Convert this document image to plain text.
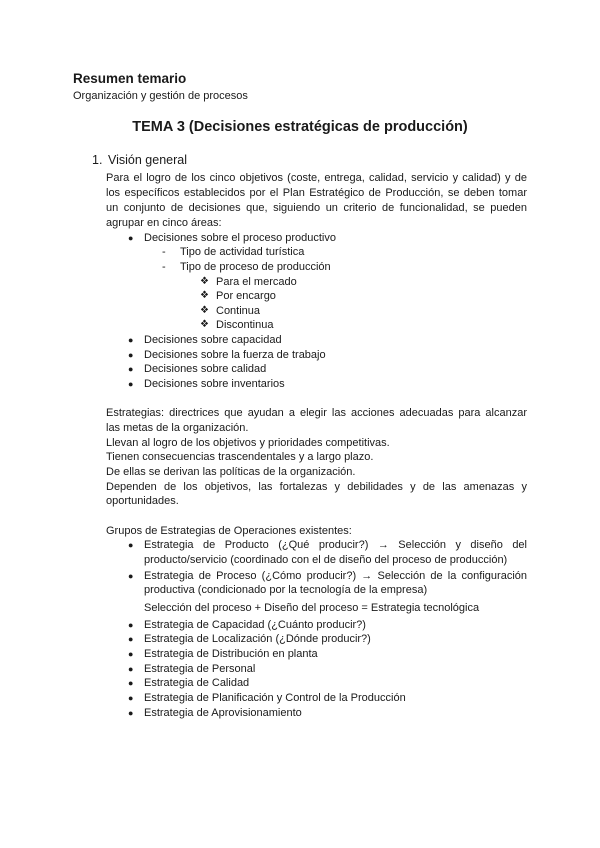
Resumen temario
Organización y gestión de procesos
TEMA 3 (Decisiones estratégicas de producción)
1. Visión general
Para el logro de los cinco objetivos (coste, entrega, calidad, servicio y calidad) y de
los específicos establecidos por el Plan Estratégico de Producción, se deben tomar
un conjunto de decisiones que, siguiendo un criterio de funcionalidad, se pueden
agrupar en cinco áreas:
● Decisiones sobre el proceso productivo
- Tipo de actividad turística
- Tipo de proceso de producción
❖ Para el mercado
❖ Por encargo
❖ Continua
❖ Discontinua
● Decisiones sobre capacidad
● Decisiones sobre la fuerza de trabajo
● Decisiones sobre calidad
● Decisiones sobre inventarios
Estrategias: directrices que ayudan a elegir las acciones adecuadas para alcanzar
las metas de la organización.
Llevan al logro de los objetivos y prioridades competitivas.
Tienen consecuencias trascendentales y a largo plazo.
De ellas se derivan las políticas de la organización.
Dependen de los objetivos, las fortalezas y debilidades y de las amenazas y
oportunidades.
Grupos de Estrategias de Operaciones existentes:
● Estrategia de Producto (¿Qué producir?) → Selección y diseño del
producto/servicio (coordinado con el de diseño del proceso de producción)
● Estrategia de Proceso (¿Cómo producir?) → Selección de la configuración
productiva (condicionado por la tecnología de la empresa)
Selección del proceso + Diseño del proceso = Estrategia tecnológica
● Estrategia de Capacidad (¿Cuánto producir?)
● Estrategia de Localización (¿Dónde producir?)
● Estrategia de Distribución en planta
● Estrategia de Personal
● Estrategia de Calidad
● Estrategia de Planificación y Control de la Producción
● Estrategia de Aprovisionamiento
